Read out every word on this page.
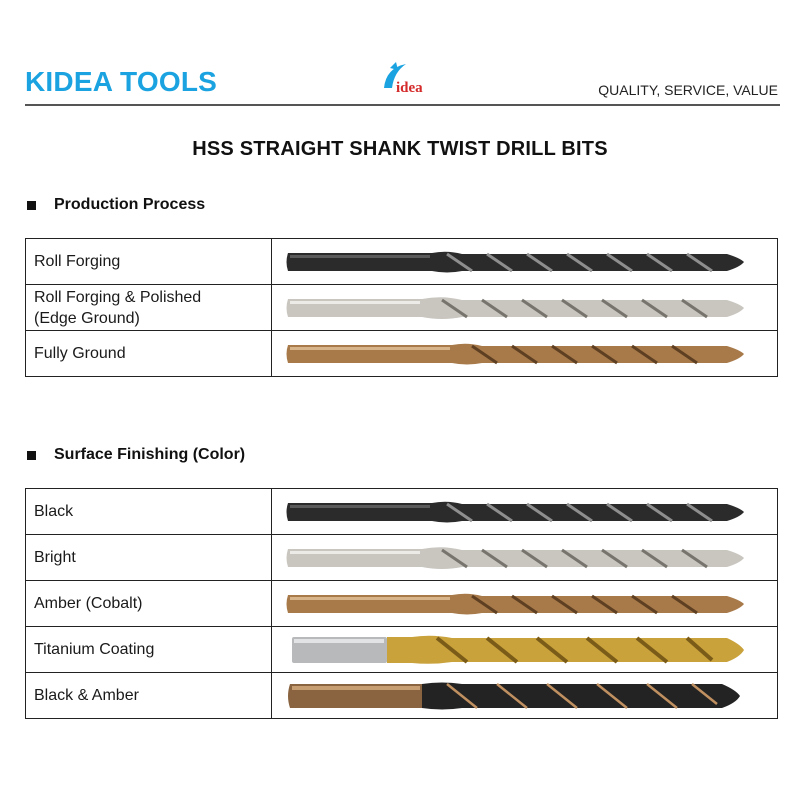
KIDEA TOOLS	idea	QUALITY, SERVICE, VALUE
HSS STRAIGHT SHANK TWIST DRILL BITS
Production Process
Roll Forging	

Roll Forging & Polished
(Edge Ground)

Fully Ground	
Surface Finishing (Color)
Black	

Bright	

Amber (Cobalt)	

Titanium Coating	

Black & Amber	
